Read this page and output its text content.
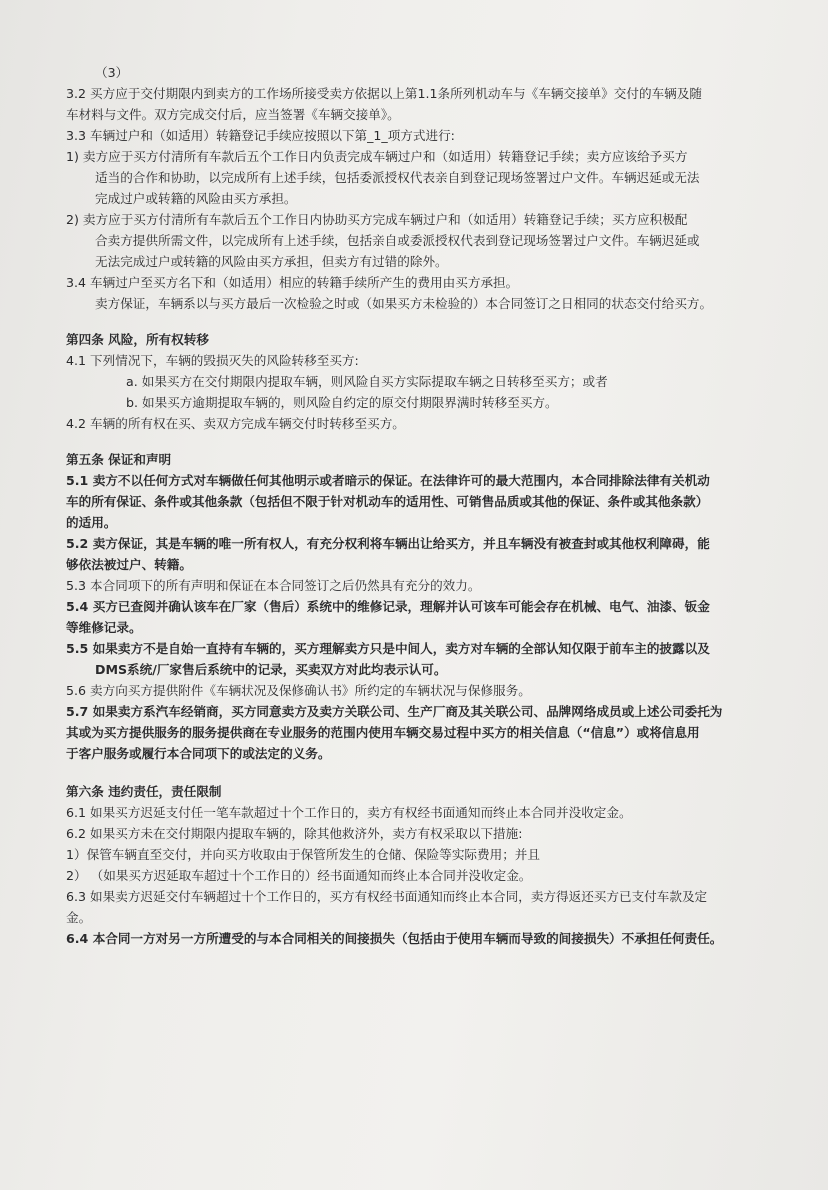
（3）
3.2 买方应于交付期限内到卖方的工作场所接受卖方依据以上第1.1条所列机动车与《车辆交接单》交付的车辆及随
车材料与文件。双方完成交付后，应当签署《车辆交接单》。
3.3 车辆过户和（如适用）转籍登记手续应按照以下第_1_项方式进行:
1) 卖方应于买方付清所有车款后五个工作日内负责完成车辆过户和（如适用）转籍登记手续；卖方应该给予买方
适当的合作和协助，以完成所有上述手续，包括委派授权代表亲自到登记现场签署过户文件。车辆迟延或无法
完成过户或转籍的风险由买方承担。
2) 卖方应于买方付清所有车款后五个工作日内协助买方完成车辆过户和（如适用）转籍登记手续；买方应积极配
合卖方提供所需文件，以完成所有上述手续，包括亲自或委派授权代表到登记现场签署过户文件。车辆迟延或
无法完成过户或转籍的风险由买方承担，但卖方有过错的除外。
3.4 车辆过户至买方名下和（如适用）相应的转籍手续所产生的费用由买方承担。
卖方保证，车辆系以与买方最后一次检验之时或（如果买方未检验的）本合同签订之日相同的状态交付给买方。
第四条 风险，所有权转移
4.1 下列情况下，车辆的毁损灭失的风险转移至买方:
a. 如果买方在交付期限内提取车辆，则风险自买方实际提取车辆之日转移至买方；或者
b. 如果买方逾期提取车辆的，则风险自约定的原交付期限界满时转移至买方。
4.2 车辆的所有权在买、卖双方完成车辆交付时转移至买方。
第五条 保证和声明
5.1 卖方不以任何方式对车辆做任何其他明示或者暗示的保证。在法律许可的最大范围内，本合同排除法律有关机动
车的所有保证、条件或其他条款（包括但不限于针对机动车的适用性、可销售品质或其他的保证、条件或其他条款）
的适用。
5.2 卖方保证，其是车辆的唯一所有权人，有充分权利将车辆出让给买方，并且车辆没有被查封或其他权利障碍，能
够依法被过户、转籍。
5.3 本合同项下的所有声明和保证在本合同签订之后仍然具有充分的效力。
5.4 买方已查阅并确认该车在厂家（售后）系统中的维修记录，理解并认可该车可能会存在机械、电气、油漆、钣金
等维修记录。
5.5 如果卖方不是自始一直持有车辆的，买方理解卖方只是中间人，卖方对车辆的全部认知仅限于前车主的披露以及
DMS系统/厂家售后系统中的记录，买卖双方对此均表示认可。
5.6 卖方向买方提供附件《车辆状况及保修确认书》所约定的车辆状况与保修服务。
5.7 如果卖方系汽车经销商，买方同意卖方及卖方关联公司、生产厂商及其关联公司、品牌网络成员或上述公司委托为
其或为买方提供服务的服务提供商在专业服务的范围内使用车辆交易过程中买方的相关信息（“信息”）或将信息用
于客户服务或履行本合同项下的或法定的义务。
第六条 违约责任，责任限制
6.1 如果买方迟延支付任一笔车款超过十个工作日的，卖方有权经书面通知而终止本合同并没收定金。
6.2 如果买方未在交付期限内提取车辆的，除其他救济外，卖方有权采取以下措施:
1）保管车辆直至交付，并向买方收取由于保管所发生的仓储、保险等实际费用；并且
2） （如果买方迟延取车超过十个工作日的）经书面通知而终止本合同并没收定金。
6.3 如果卖方迟延交付车辆超过十个工作日的，买方有权经书面通知而终止本合同，卖方得返还买方已支付车款及定
金。
6.4 本合同一方对另一方所遭受的与本合同相关的间接损失（包括由于使用车辆而导致的间接损失）不承担任何责任。
